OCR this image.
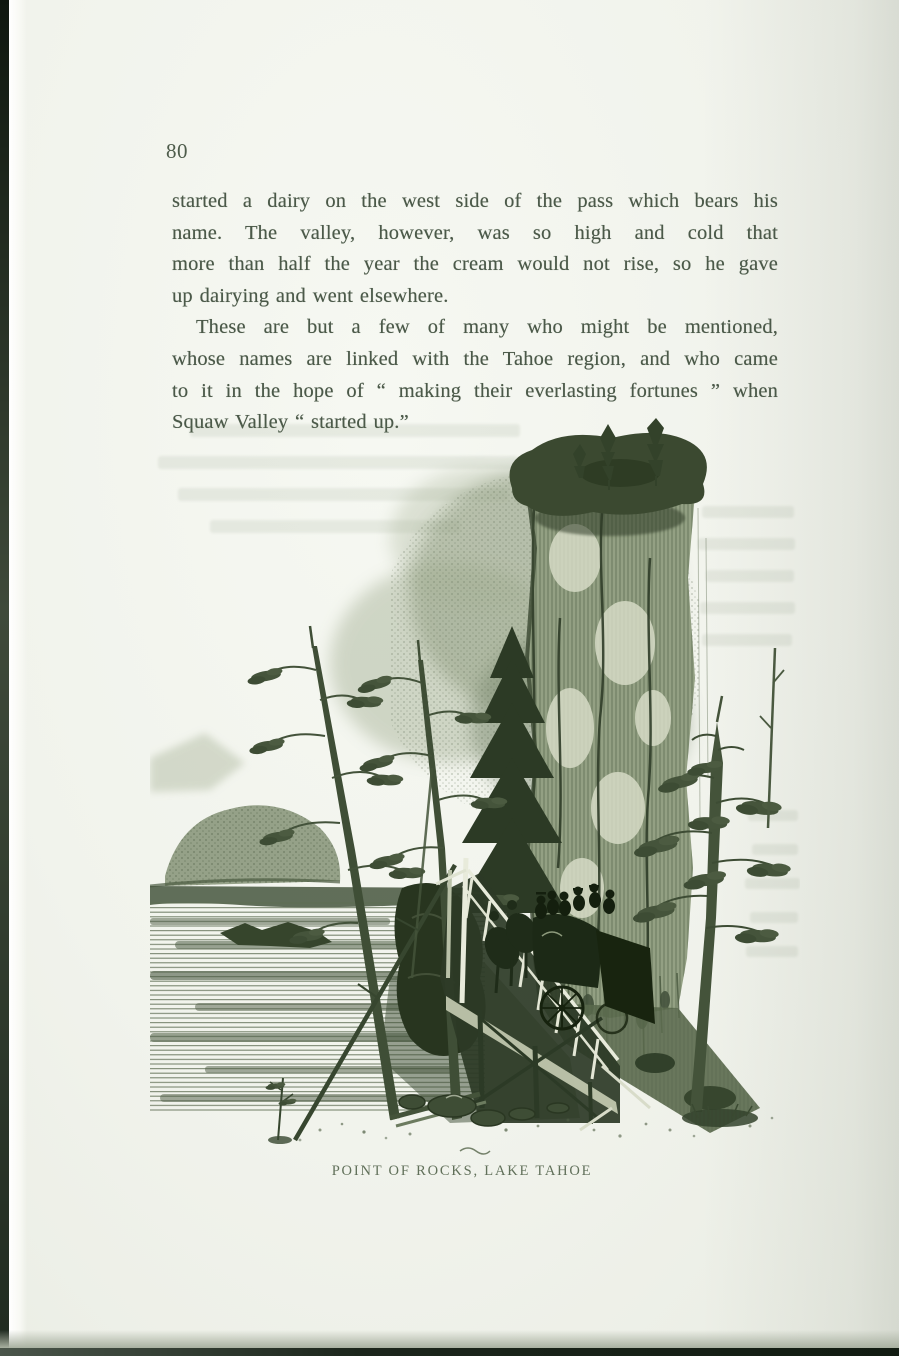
80
started a dairy on the west side of the pass which bears his
name. The valley, however, was so high and cold that
more than half the year the cream would not rise, so he gave
up dairying and went elsewhere.
These are but a few of many who might be mentioned,
whose names are linked with the Tahoe region, and who came
to it in the hope of “ making their everlasting fortunes ” when
Squaw Valley “ started up.”
POINT OF ROCKS, LAKE TAHOE
